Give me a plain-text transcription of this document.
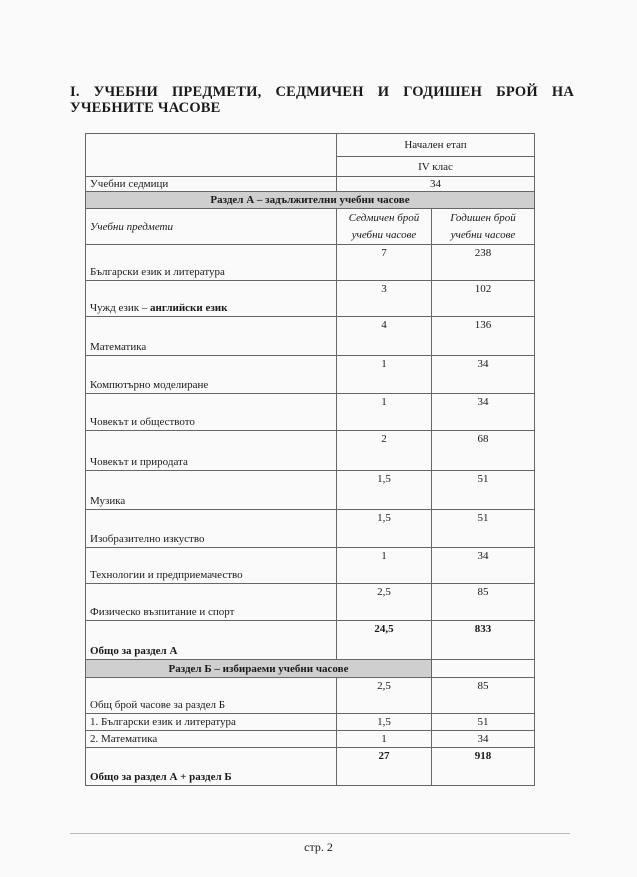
I. УЧЕБНИ ПРЕДМЕТИ, СЕДМИЧЕН И ГОДИШЕН БРОЙ НА УЧЕБНИТЕ ЧАСОВЕ
	Начален етап	
	IV клас	
Учебни седмици	34	
Раздел А – задължителни учебни часове		
Учебни предмети	Седмичен брой учебни часове	Годишен брой учебни часове
Български език и литература	7	238
Чужд език – английски език	3	102
Математика	4	136
Компютърно моделиране	1	34
Човекът и обществото	1	34
Човекът и природата	2	68
Музика	1,5	51
Изобразително изкуство	1,5	51
Технологии и предприемачество	1	34
Физическо възпитание и спорт	2,5	85
Общо за раздел А	24,5	833
Раздел Б – избираеми учебни часове		
Общ брой часове за раздел Б	2,5	85
1. Български език и литература	1,5	51
2. Математика	1	34
Общо за раздел А + раздел Б	27	918
стр. 2
